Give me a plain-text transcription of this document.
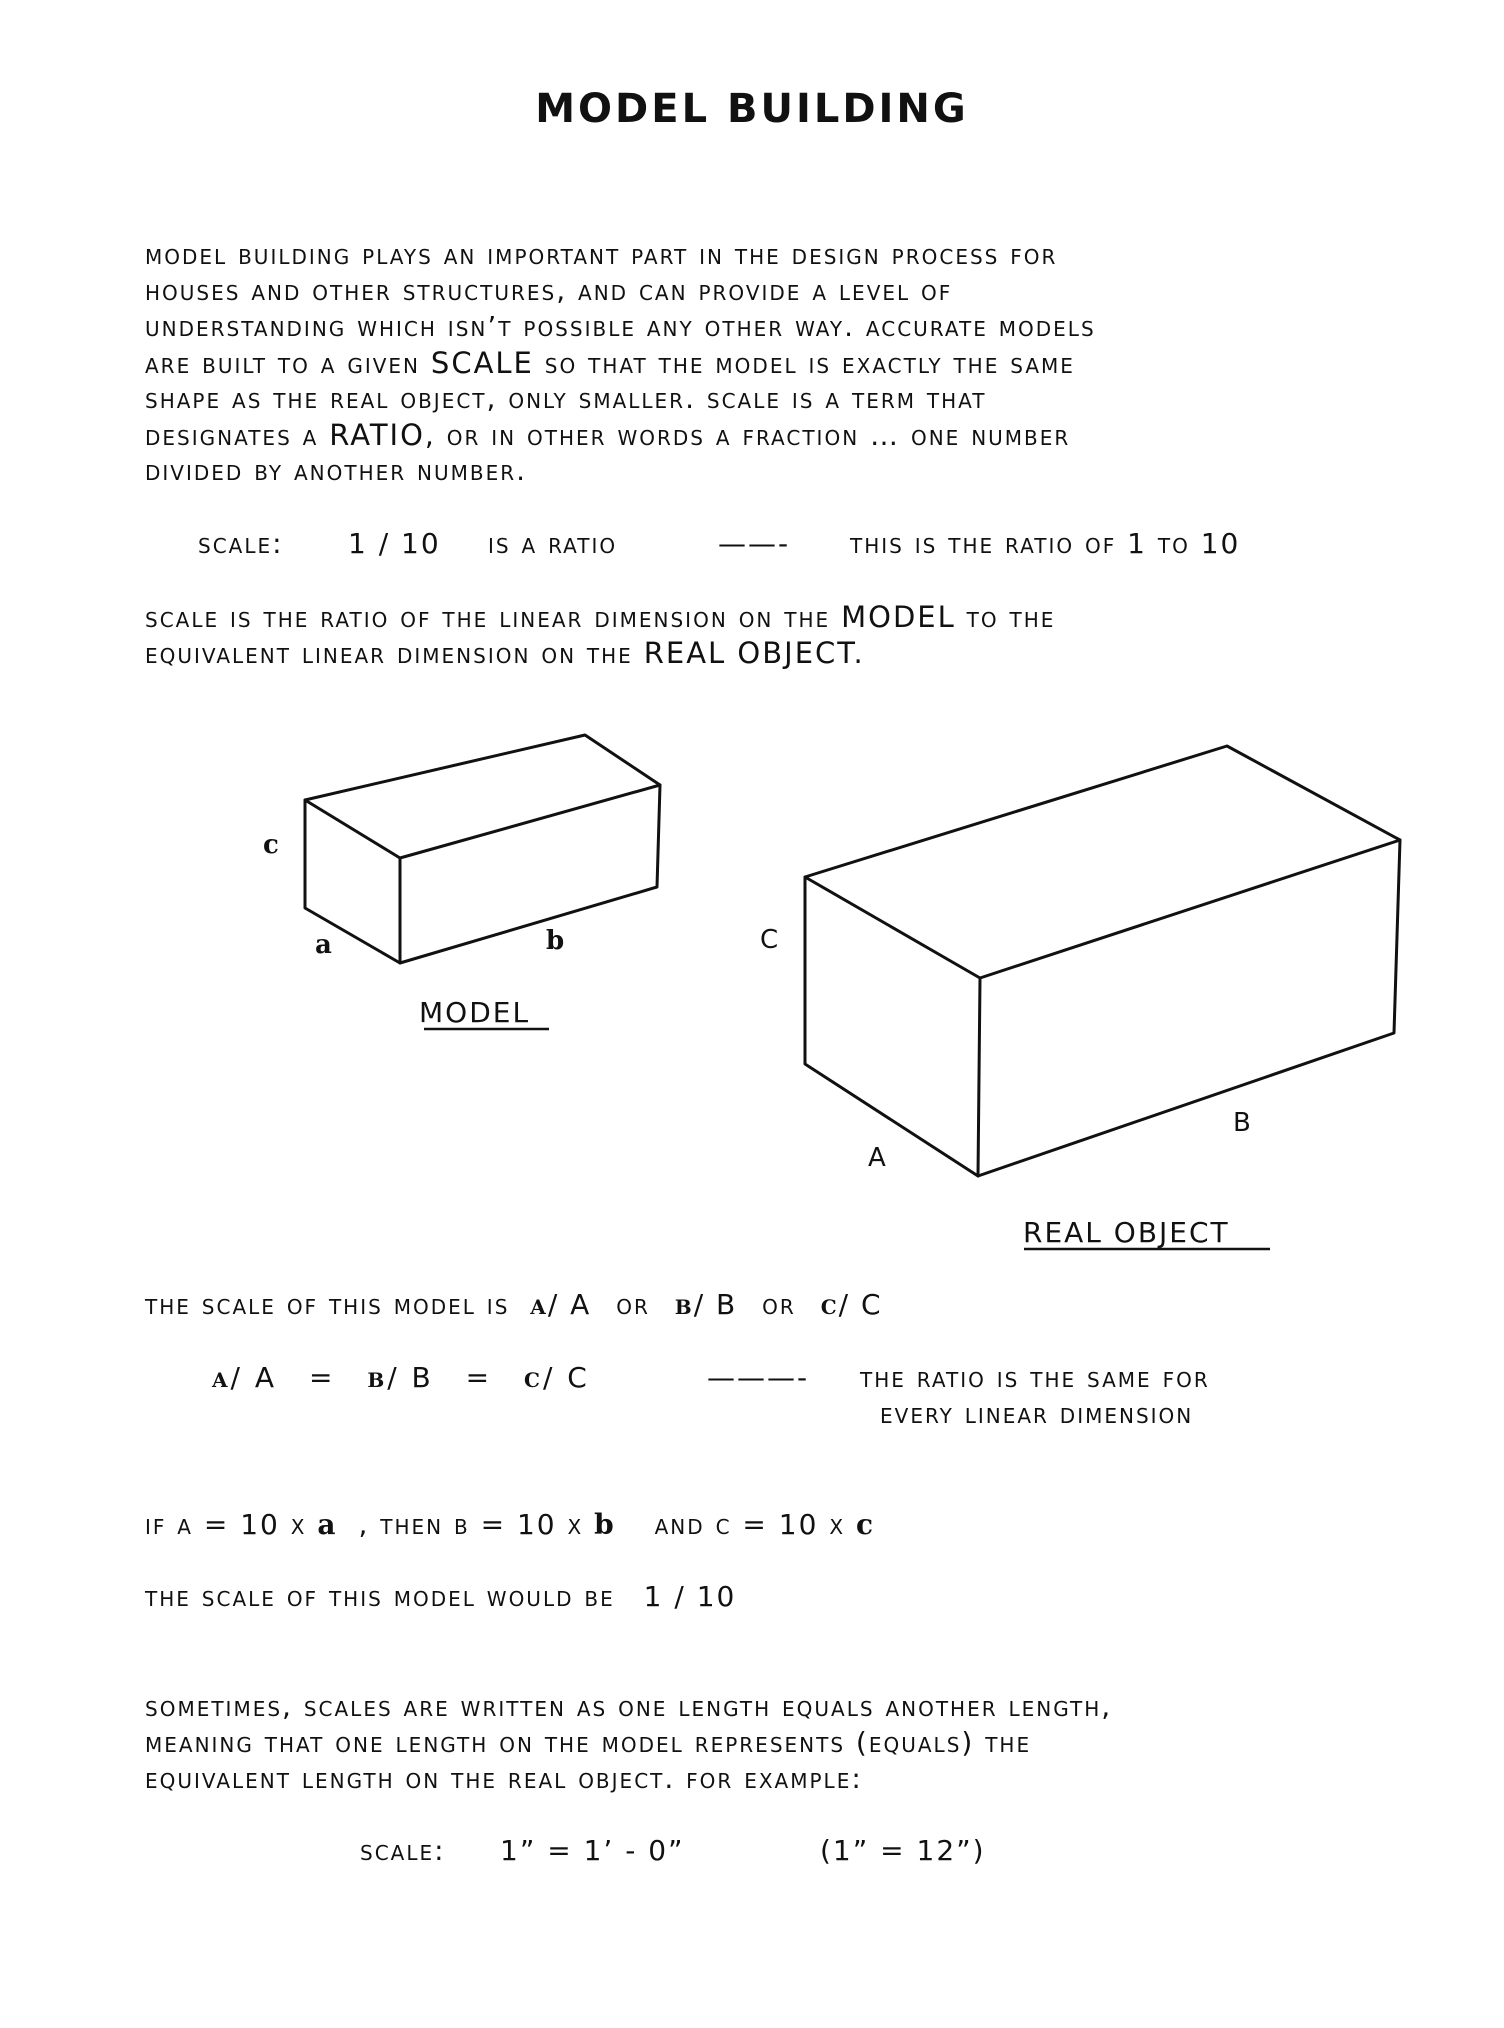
MODEL BUILDING
model building plays an important part in the design process for
houses and other structures, and can provide a level of
understanding which isn’t possible any other way. accurate models
are built to a given SCALE so that the model is exactly the same
shape as the real object, only smaller. scale is a term that
designates a RATIO, or in other words a fraction … one number
divided by another number.
scale: 1 / 10 is a ratio	——- this is the ratio of 1 to 10
scale is the ratio of the linear dimension on the MODEL to the
equivalent linear dimension on the REAL OBJECT.
c
a	b
MODEL
C
A
B
REAL OBJECT
the scale of this model is a/ A or b/ B or c/ C
a/ A = b/ B = c/ C	———- the ratio is the same for
every linear dimension
if a = 10 x a , then b = 10 x b and c = 10 x c
the scale of this model would be 1 / 10
sometimes, scales are written as one length equals another length,
meaning that one length on the model represents (equals) the
equivalent length on the real object. for example:
scale: 1” = 1’ - 0”	(1” = 12”)
